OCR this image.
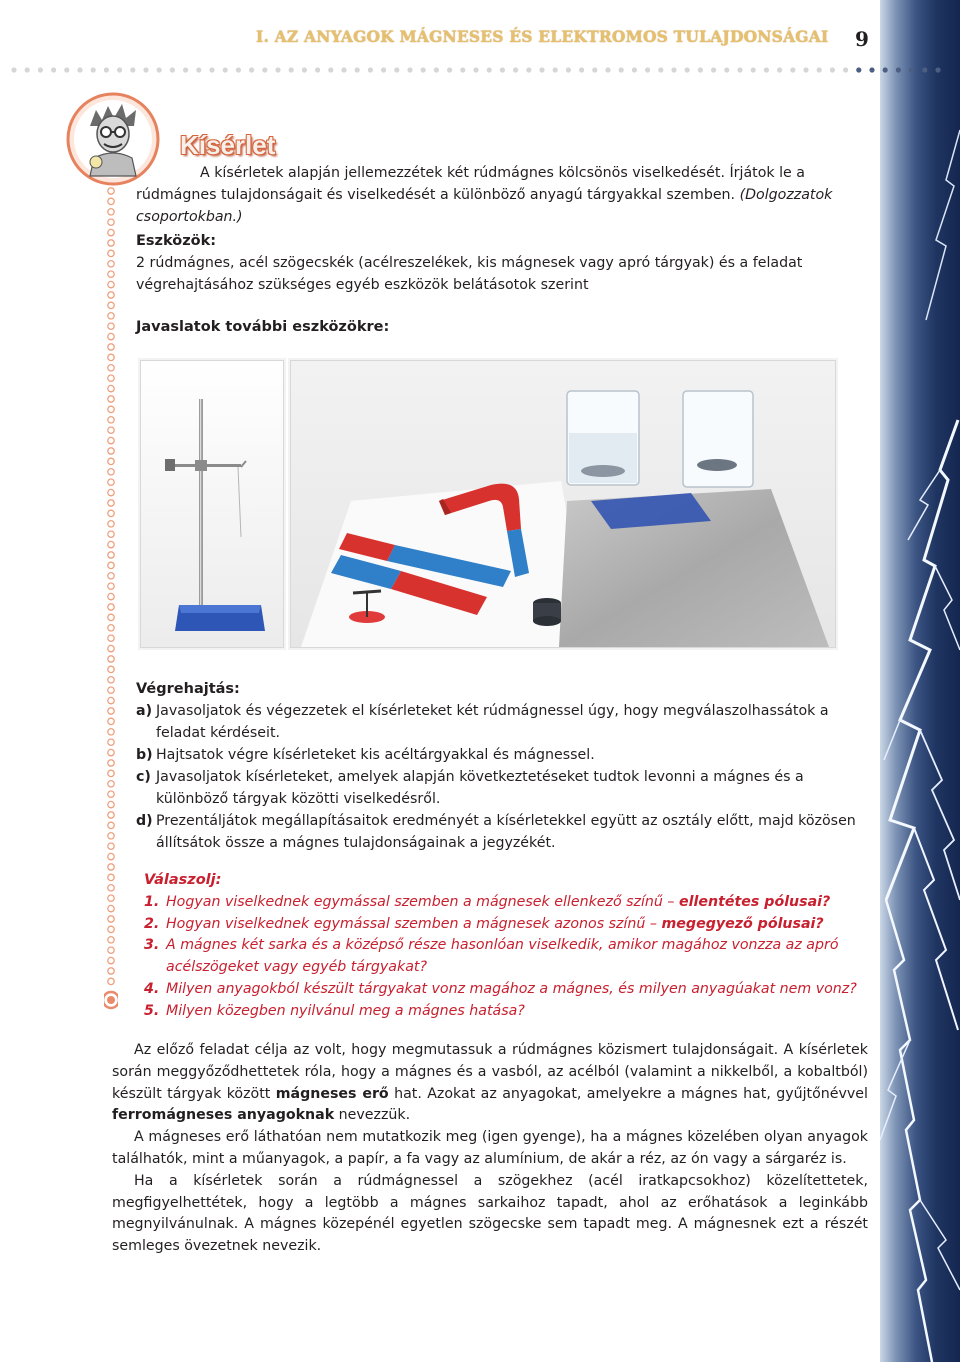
I. AZ ANYAGOK MÁGNESES ÉS ELEKTROMOS TULAJDONSÁGAI 9
Kísérlet

A kísérletek alapján jellemezzétek két rúdmágnes kölcsönös viselkedését. Írjátok le a rúdmágnes tulajdonságait és viselkedését a különböző anyagú tárgyakkal szemben. (Dolgozzatok csoportokban.)

Eszközök:

2 rúdmágnes, acél szögecskék (acélreszelékek, kis mágnesek vagy apró tárgyak) és a feladat végrehajtásához szükséges egyéb eszközök belátásotok szerint

Javaslatok további eszközökre:
Végrehajtás:
a) Javasoljatok és végezzetek el kísérleteket két rúdmágnessel úgy, hogy megválaszolhassátok a feladat kérdéseit.
b) Hajtsatok végre kísérleteket kis acéltárgyakkal és mágnessel.
c) Javasoljatok kísérleteket, amelyek alapján következtetéseket tudtok levonni a mágnes és a különböző tárgyak közötti viselkedésről.
d) Prezentáljátok megállapításaitok eredményét a kísérletekkel együtt az osztály előtt, majd közösen állítsátok össze a mágnes tulajdonságainak a jegyzékét.
Válaszolj:
1. Hogyan viselkednek egymással szemben a mágnesek ellenkező színű – ellentétes pólusai?
2. Hogyan viselkednek egymással szemben a mágnesek azonos színű – megegyező pólusai?
3. A mágnes két sarka és a középső része hasonlóan viselkedik, amikor magához vonzza az apró acélszögeket vagy egyéb tárgyakat?
4. Milyen anyagokból készült tárgyakat vonz magához a mágnes, és milyen anyagúakat nem vonz?
5. Milyen közegben nyilvánul meg a mágnes hatása?

Az előző feladat célja az volt, hogy megmutassuk a rúdmágnes közismert tulajdonságait. A kísérletek során meggyőződhettetek róla, hogy a mágnes és a vasból, az acélból (valamint a nikkelből, a kobaltból) készült tárgyak között mágneses erő hat. Azokat az anyagokat, amelyekre a mágnes hat, gyűjtőnévvel ferromágneses anyagoknak nevezzük.

A mágneses erő láthatóan nem mutatkozik meg (igen gyenge), ha a mágnes közelében olyan anyagok találhatók, mint a műanyagok, a papír, a fa vagy az alumínium, de akár a réz, az ón vagy a sárgaréz is.

Ha a kísérletek során a rúdmágnessel a szögekhez (acél iratkapcsokhoz) közelítettetek, megfigyelhettétek, hogy a legtöbb a mágnes sarkaihoz tapadt, ahol az erőhatások a leginkább megnyilvánulnak. A mágnes közepénél egyetlen szögecske sem tapadt meg. A mágnesnek ezt a részét semleges övezetnek nevezik.
